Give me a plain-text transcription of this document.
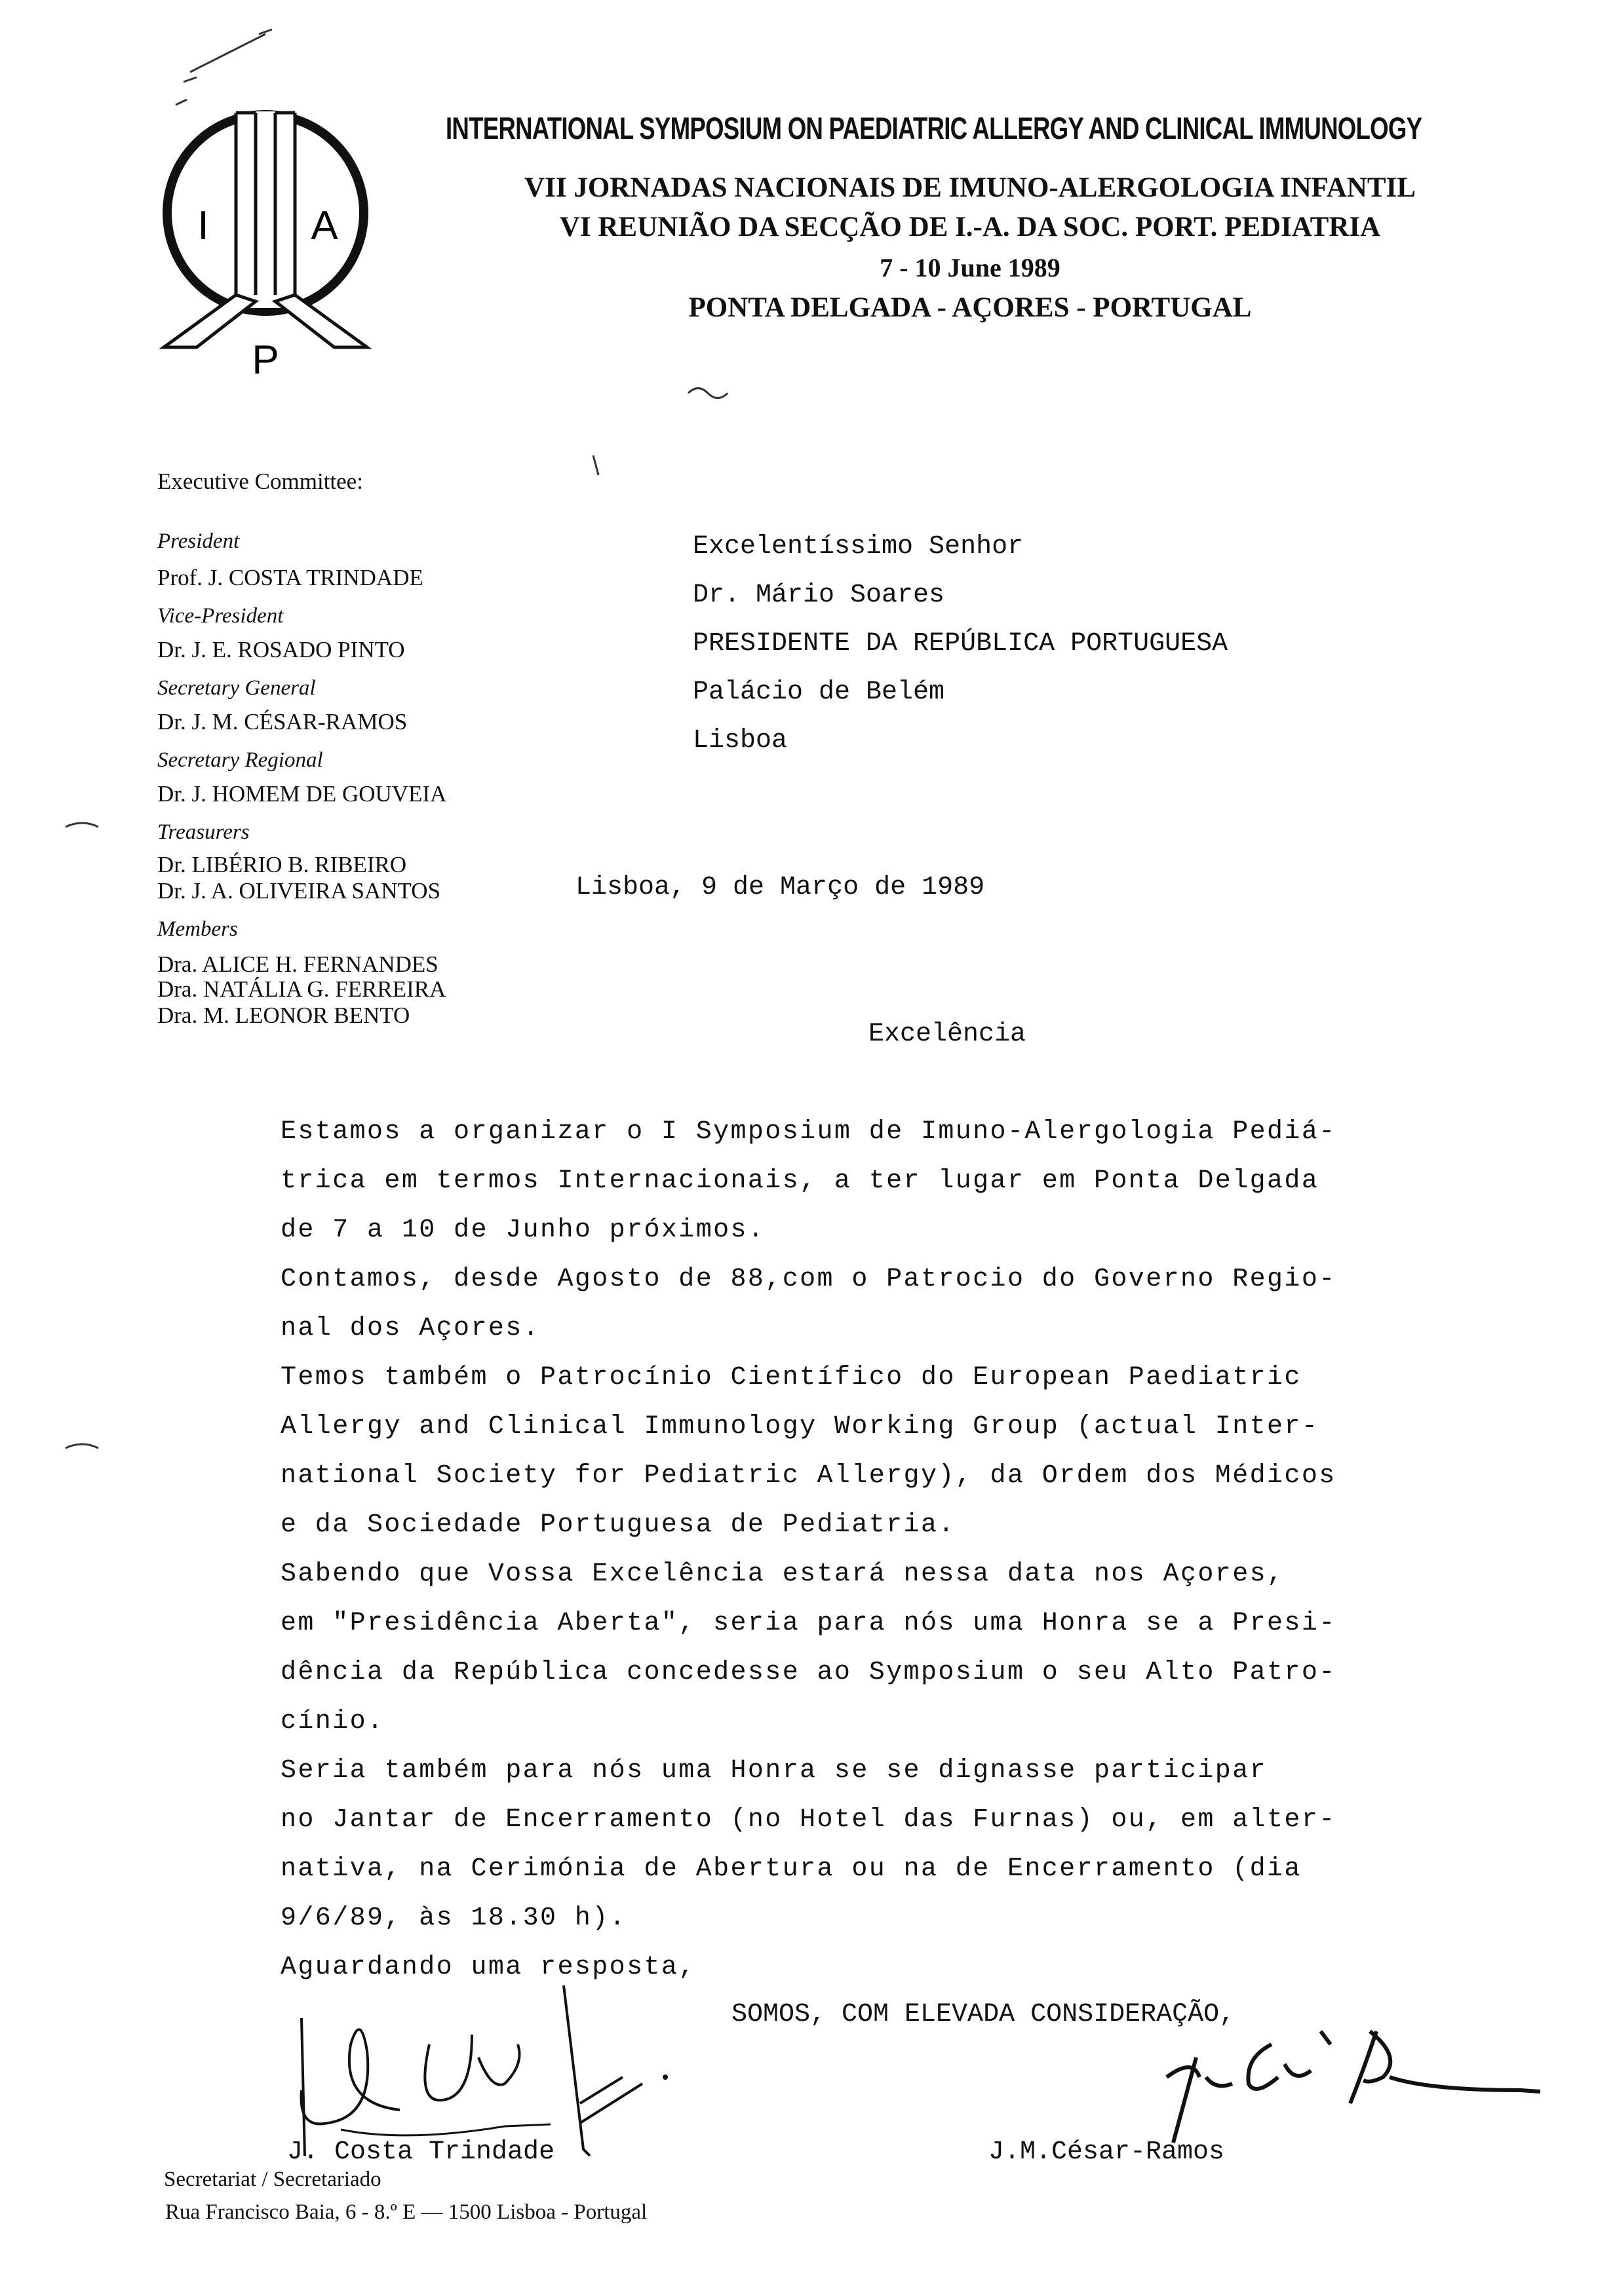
I	A
P
INTERNATIONAL SYMPOSIUM ON PAEDIATRIC ALLERGY AND CLINICAL IMMUNOLOGY
VII JORNADAS NACIONAIS DE IMUNO-ALERGOLOGIA INFANTIL
VI REUNIÃO DA SECÇÃO DE I.-A. DA SOC. PORT. PEDIATRIA
7 - 10 June 1989
PONTA DELGADA - AÇORES - PORTUGAL
Executive Committee:
President
Prof. J. COSTA TRINDADE
Vice-President
Dr. J. E. ROSADO PINTO
Secretary General
Dr. J. M. CÉSAR-RAMOS
Secretary Regional
Dr. J. HOMEM DE GOUVEIA
Treasurers
Dr. LIBÉRIO B. RIBEIRO
Dr. J. A. OLIVEIRA SANTOS
Members
Dra. ALICE H. FERNANDES
Dra. NATÁLIA G. FERREIRA
Dra. M. LEONOR BENTO
Excelentíssimo Senhor
Dr. Mário Soares
PRESIDENTE DA REPÚBLICA PORTUGUESA
Palácio de Belém
Lisboa
Lisboa, 9 de Março de 1989
Excelência
Estamos a organizar o I Symposium de Imuno-Alergologia Pediá-
trica em termos Internacionais, a ter lugar em Ponta Delgada
de 7 a 10 de Junho próximos.
Contamos, desde Agosto de 88,com o Patrocio do Governo Regio-
nal dos Açores.
Temos também o Patrocínio Científico do European Paediatric
Allergy and Clinical Immunology Working Group (actual Inter-
national Society for Pediatric Allergy), da Ordem dos Médicos
e da Sociedade Portuguesa de Pediatria.
Sabendo que Vossa Excelência estará nessa data nos Açores,
em "Presidência Aberta", seria para nós uma Honra se a Presi-
dência da República concedesse ao Symposium o seu Alto Patro-
cínio.
Seria também para nós uma Honra se se dignasse participar
no Jantar de Encerramento (no Hotel das Furnas) ou, em alter-
nativa, na Cerimónia de Abertura ou na de Encerramento (dia
9/6/89, às 18.30 h).
Aguardando uma resposta,
SOMOS, COM ELEVADA CONSIDERAÇÃO,
J. Costa Trindade	J.M.César-Ramos
Secretariat / Secretariado
Rua Francisco Baia, 6 - 8.º E — 1500 Lisboa - Portugal
